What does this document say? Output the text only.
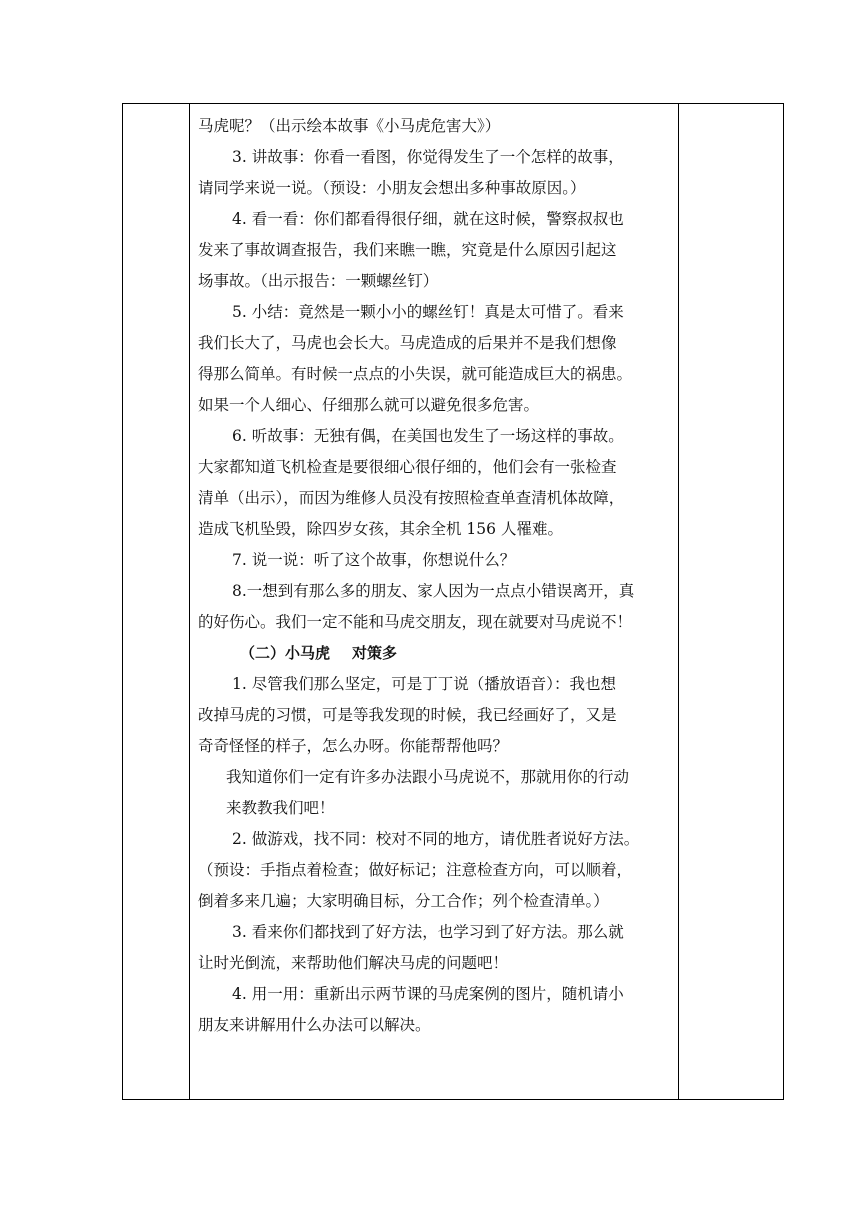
马虎呢？（出示绘本故事《小马虎危害大》）

3. 讲故事：你看一看图，你觉得发生了一个怎样的故事，

请同学来说一说。（预设：小朋友会想出多种事故原因。）

4. 看一看：你们都看得很仔细，就在这时候，警察叔叔也

发来了事故调查报告，我们来瞧一瞧，究竟是什么原因引起这

场事故。（出示报告：一颗螺丝钉）

5. 小结：竟然是一颗小小的螺丝钉！真是太可惜了。看来

我们长大了，马虎也会长大。马虎造成的后果并不是我们想像

得那么简单。有时候一点点的小失误，就可能造成巨大的祸患。

如果一个人细心、仔细那么就可以避免很多危害。

6. 听故事：无独有偶，在美国也发生了一场这样的事故。

大家都知道飞机检查是要很细心很仔细的，他们会有一张检查

清单（出示），而因为维修人员没有按照检查单查清机体故障，

造成飞机坠毁，除四岁女孩，其余全机 156 人罹难。

7. 说一说：听了这个故事，你想说什么？

8.一想到有那么多的朋友、家人因为一点点小错误离开，真

的好伤心。我们一定不能和马虎交朋友，现在就要对马虎说不！

（二）小马虎 对策多

1. 尽管我们那么坚定，可是丁丁说（播放语音）：我也想

改掉马虎的习惯，可是等我发现的时候，我已经画好了，又是

奇奇怪怪的样子，怎么办呀。你能帮帮他吗？

我知道你们一定有许多办法跟小马虎说不，那就用你的行动

来教教我们吧！

2. 做游戏，找不同：校对不同的地方，请优胜者说好方法。

（预设：手指点着检查；做好标记；注意检查方向，可以顺着，

倒着多来几遍；大家明确目标，分工合作；列个检查清单。）

3. 看来你们都找到了好方法，也学习到了好方法。那么就

让时光倒流，来帮助他们解决马虎的问题吧！

4. 用一用：重新出示两节课的马虎案例的图片，随机请小

朋友来讲解用什么办法可以解决。
